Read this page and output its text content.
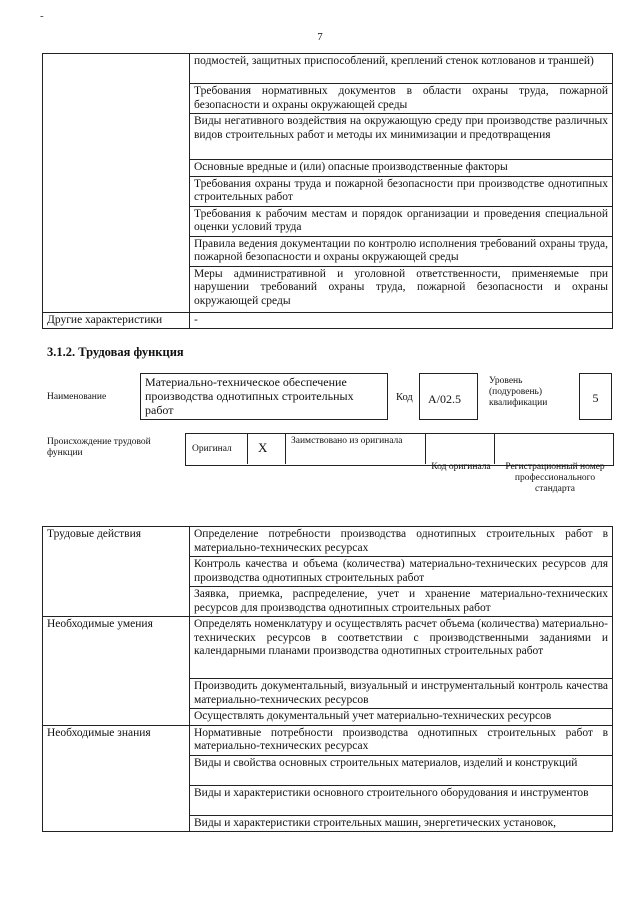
-
7
	подмостей, защитных приспособлений, креплений стенок котлованов и траншей)
	Требования нормативных документов в области охраны труда, пожарной безопасности и охраны окружающей среды
	Виды негативного воздействия на окружающую среду при производстве различных видов строительных работ и методы их минимизации и предотвращения
	Основные вредные и (или) опасные производственные факторы
	Требования охраны труда и пожарной безопасности при производстве однотипных строительных работ
	Требования к рабочим местам и порядок организации и проведения специальной оценки условий труда
	Правила ведения документации по контролю исполнения требований охраны труда, пожарной безопасности и охраны окружающей среды
	Меры административной и уголовной ответственности, применяемые при нарушении требований охраны труда, пожарной безопасности и охраны окружающей среды
Другие характеристики	-
3.1.2. Трудовая функция
Наименование
Материально-техническое обеспечение производства однотипных строительных работ
Код	A/02.5
Уровень (подуровень) квалификации	5
Происхождение трудовой функции	Оригинал X Заимствовано из оригинала
Код оригинала	Регистрационный номер профессионального стандарта
Трудовые действия	Определение потребности производства однотипных строительных работ в материально-технических ресурсах
	Контроль качества и объема (количества) материально-технических ресурсов для производства однотипных строительных работ
	Заявка, приемка, распределение, учет и хранение материально-технических ресурсов для производства однотипных строительных работ
Необходимые умения	Определять номенклатуру и осуществлять расчет объема (количества) материально-технических ресурсов в соответствии с производственными заданиями и календарными планами производства однотипных строительных работ
	Производить документальный, визуальный и инструментальный контроль качества материально-технических ресурсов
	Осуществлять документальный учет материально-технических ресурсов
Необходимые знания	Нормативные потребности производства однотипных строительных работ в материально-технических ресурсах
	Виды и свойства основных строительных материалов, изделий и конструкций
	Виды и характеристики основного строительного оборудования и инструментов
	Виды и характеристики строительных машин, энергетических установок,
